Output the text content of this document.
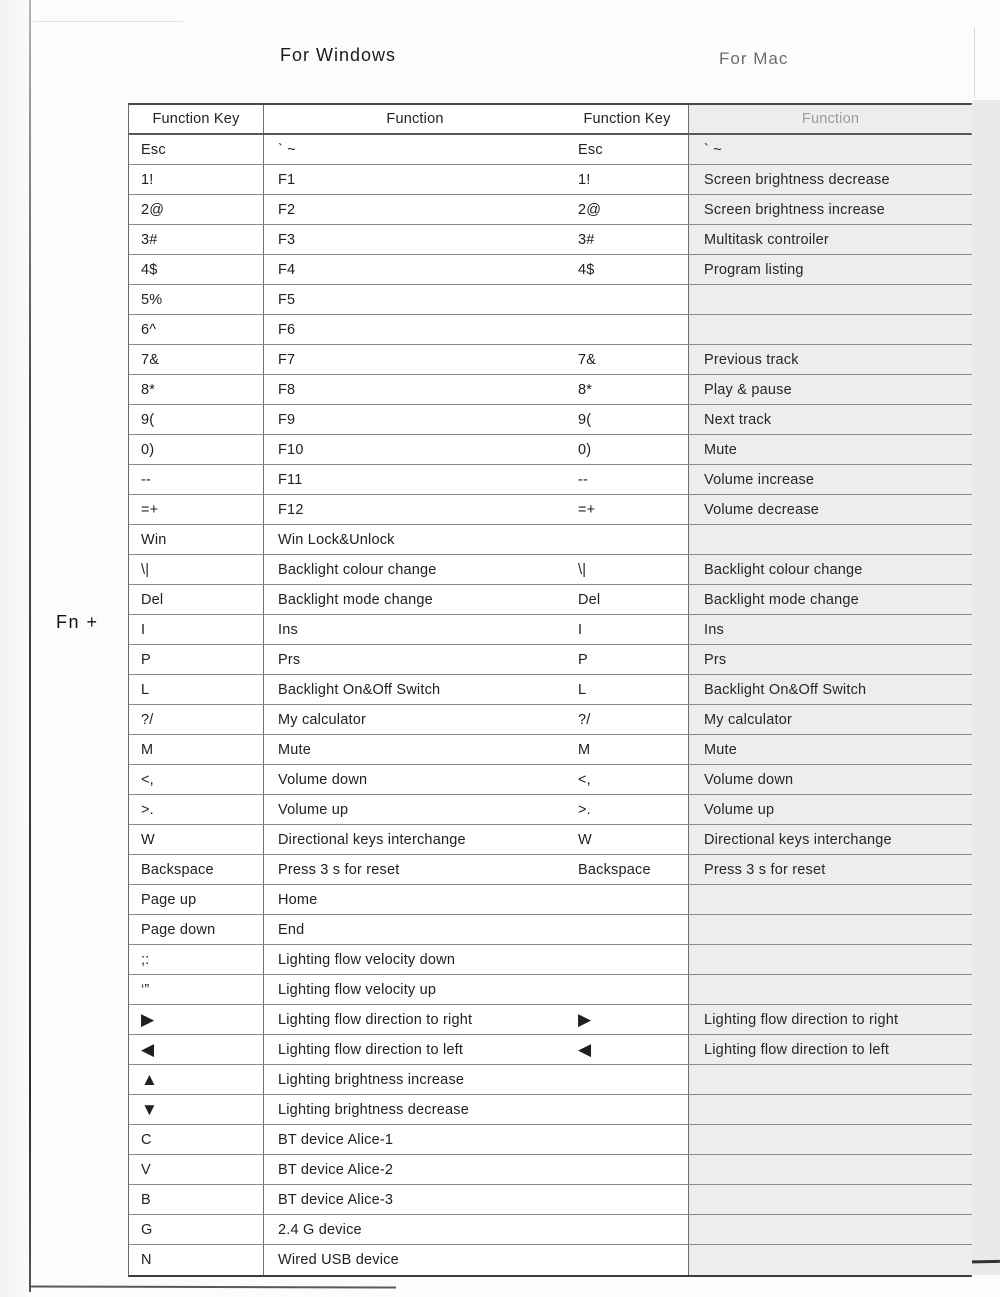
For Windows	For Mac
Fn +
Function Key	Function	Function Key	Function
Esc	` ~	Esc	` ~
1!	F1	1!	Screen brightness decrease
2@	F2	2@	Screen brightness increase
3#	F3	3#	Multitask controiler
4$	F4	4$	Program listing
5%	F5
6^	F6
7&	F7	7&	Previous track
8*	F8	8*	Play & pause
9(	F9	9(	Next track
0)	F10	0)	Mute
--	F11	--	Volume increase
=+	F12	=+	Volume decrease
Win	Win Lock&Unlock
\|	Backlight colour change	\|	Backlight colour change
Del	Backlight mode change	Del	Backlight mode change
I	Ins	I	Ins
P	Prs	P	Prs
L	Backlight On&Off Switch	L	Backlight On&Off Switch
?/	My calculator	?/	My calculator
M	Mute	M	Mute
<,	Volume down	<,	Volume down
>.	Volume up	>.	Volume up
W	Directional keys interchange	W	Directional keys interchange
Backspace	Press 3 s for reset	Backspace	Press 3 s for reset
Page up	Home
Page down	End
;:	Lighting flow velocity down
‘”	Lighting flow velocity up
▶	Lighting flow direction to right	▶	Lighting flow direction to right
◀	Lighting flow direction to left	◀	Lighting flow direction to left
▲	Lighting brightness increase
▼	Lighting brightness decrease
C	BT device Alice-1
V	BT device Alice-2
B	BT device Alice-3
G	2.4 G device
N	Wired USB device
